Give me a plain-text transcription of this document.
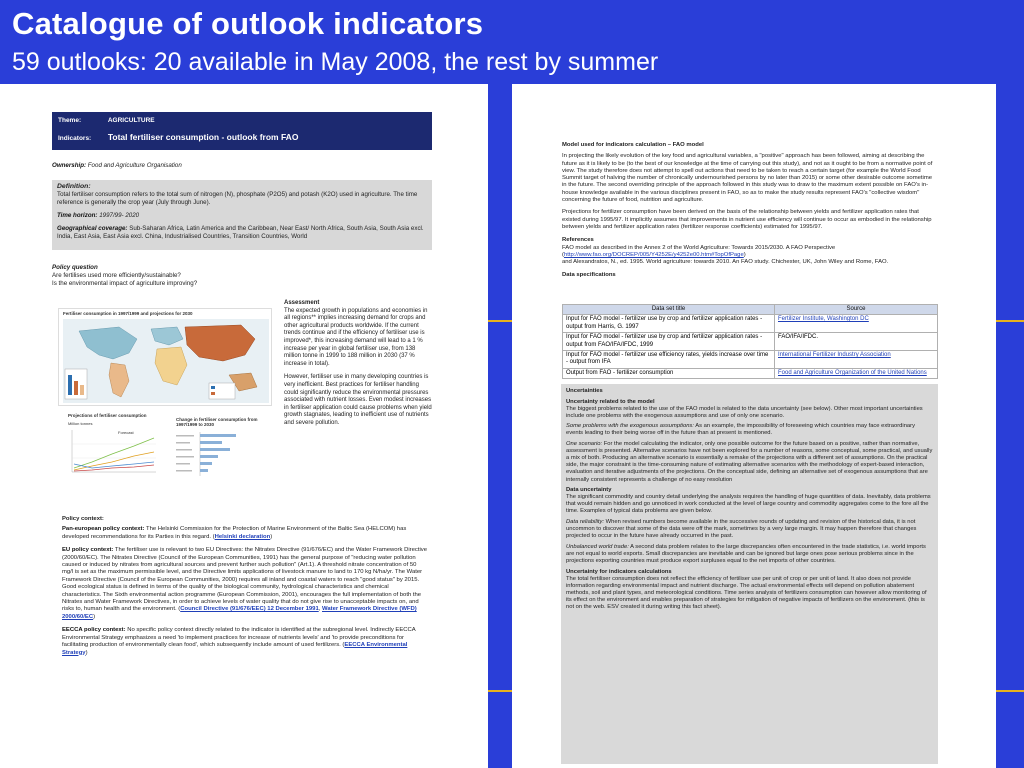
Catalogue of outlook indicators
59 outlooks: 20 available in May 2008, the rest by summer
Theme:	AGRICULTURE
Indicators: Total fertiliser consumption - outlook from FAO
Ownership: Food and Agriculture Organisation
Definition:
Total fertiliser consumption refers to the total sum of nitrogen (N), phosphate (P2O5) and potash (K2O) used in agriculture. The time reference is generally the crop year (July through June).
Time horizon: 1997/99- 2020
Geographical coverage: Sub-Saharan Africa, Latin America and the Caribbean, Near East/ North Africa, South Asia, South Asia excl. India, East Asia, East Asia excl. China, Industrialised Countries, Transition Countries, World
Policy question
Are fertilises used more efficiently/sustainable?
Is the environmental impact of agriculture improving?
Fertiliser consumption in 1997/1999 and projections for 2030
Projections of fertiliser consumption
Million tonnes
Forecast
Change in fertiliser consumption from 1997/1999 to 2030
Assessment
The expected growth in populations and economies in all regions** implies increasing demand for crops and other agricultural products worldwide. If the current trends continue and if the efficiency of fertiliser use is improved*, this increasing demand will lead to a 1 % increase per year in global fertiliser use, from 138 million tonne in 1999 to 188 million in 2030 (37 % increase in total).
However, fertiliser use in many developing countries is very inefficient. Best practices for fertiliser handling could significantly reduce the environmental pressures associated with nutrient losses. Even modest increases in fertiliser application could cause problems when yield growth stagnates, leading to inefficient use of nutrients and severe pollution.
Policy context:
Pan-european policy context: The Helsinki Commission for the Protection of Marine Environment of the Baltic Sea (HELCOM) has developed recommendations for its Parties in this regard. (Helsinki declaration)
EU policy context: The fertiliser use is relevant to two EU Directives: the Nitrates Directive (91/676/EC) and the Water Framework Directive (2000/60/EC). The Nitrates Directive (Council of the European Communities, 1991) has the general purpose of "reducing water pollution caused or induced by nitrates from agricultural sources and prevent further such pollution" (Art.1). A threshold nitrate concentration of 50 mg/l is set as the maximum permissible level, and the Directive limits applications of livestock manure to land to 170 kg N/ha/yr. The Water Framework Directive (Council of the European Communities, 2000) requires all inland and coastal waters to reach "good status" by 2015. Good ecological status is defined in terms of the quality of the biological community, hydrological characteristics and chemical characteristics. The Sixth environmental action programme (European Commission, 2001), encourages the full implementation of both the Nitrates and Water Framework Directives, in order to achieve levels of water quality that do not give rise to unacceptable impacts on, and risks to, human health and the environment. (Council Directive (91/676/EEC) 12 December 1991, Water Framework Directive (WFD) 2000/60/EC)
EECCA policy context: No specific policy context directly related to the indicator is identified at the subregional level. Indirectly EECCA Environmental Strategy emphasizes a need 'to implement practices for increase of nutrients levels' and 'to provide preconditions for facilitating production of environmentally clean food', which subsequently include amount of used fertilizers. (EECCA Environmental Strategy)
Model used for indicators calculation – FAO model
In projecting the likely evolution of the key food and agricultural variables, a "positive" approach has been followed, aiming at describing the future as it is likely to be (to the best of our knowledge at the time of carrying out this study), and not as it ought to be from a normative point of view. The study therefore does not attempt to spell out actions that need to be taken to reach a certain target (for example the World Food Summit target of halving the number of chronically undernourished persons by no later than 2015) or some other desirable outcome sometime in the future. The second overriding principle of the approach followed in this study was to draw to the maximum extent possible on FAO's in-house knowledge available in the various disciplines present in FAO, so as to make the study results represent FAO's "collective wisdom" concerning the future of food, nutrition and agriculture.
Projections for fertilizer consumption have been derived on the basis of the relationship between yields and fertilizer application rates that existed during 1995/97. It implicitly assumes that improvements in nutrient use efficiency will continue to occur as embodied in the relationship between yields and fertilizer application rates (fertilizer response coefficients) estimated for 1995/97.
References
FAO model as described in the Annex 2 of the World Agriculture: Towards 2015/2030. A FAO Perspective
(http://www.fao.org/DOCREP/005/Y4252E/y4252e00.htm#TopOfPage)
and Alexandratos, N., ed. 1995. World agriculture: towards 2010. An FAO study. Chichester, UK, John Wiley and Rome, FAO.
Data specifications
Data set title	Source
Input for FAO model - fertilizer use by crop and fertilizer application rates - output from Harris, G. 1997	Fertilizer Institute, Washington DC
Input for FAO model - fertilizer use by crop and fertilizer application rates - output from FAO/IFA/IFDC, 1999	FAO/IFA/IFDC.
Input for FAO model - fertilizer use efficiency rates, yields increase over time - output from IFA	International Fertilizer Industry Association
Output from FAO - fertilizer consumption	Food and Agriculture Organization of the United Nations

Uncertainties

Uncertainty related to the model

The biggest problems related to the use of the FAO model is related to the data uncertainty (see below). Other most important uncertainties include one problems with the exogenous assumptions and use of only one scenario.

Some problems with the exogenous assumptions: As an example, the impossibility of foreseeing which countries may face extraordinary events leading to their being worse off in the future than at present is mentioned.

One scenario: For the model calculating the indicator, only one possible outcome for the future based on a positive, rather than normative, assessment is presented. Alternative scenarios have not been explored for a number of reasons, some conceptual, some practical, and usually a mix of both. Producing an alternative scenario is essentially a remake of the projections with a different set of assumptions. On the practical side, the major constraint is the time-consuming nature of estimating alternative scenarios with the methodology of expert-based interaction, evaluation and iterative adjustments of the projections. On the conceptual side, defining an alternative set of exogenous assumptions that are internally consistent represents a challenge of no easy resolution

Data uncertainty

The significant commodity and country detail underlying the analysis requires the handling of huge quantities of data. Inevitably, data problems that would remain hidden and go unnoticed in work conducted at the level of large country and commodity aggregates come to the fore all the time. Examples of typical data problems are given below.

Data reliability: When revised numbers become available in the successive rounds of updating and revision of the historical data, it is not uncommon to discover that some of the data were off the mark, sometimes by a very large margin. It may happen therefore that changes projected to occur in the future have already occurred in the past.

Unbalanced world trade: A second data problem relates to the large discrepancies often encountered in the trade statistics, i.e. world imports are not equal to world exports. Small discrepancies are inevitable and can be ignored but large ones pose serious problems since in the projections exporting countries must produce export surpluses equal to the net imports of other countries.

Uncertainty for indicators calculations

The total fertiliser consumption does not reflect the efficiency of fertiliser use per unit of crop or per unit of land. It also does not provide information regarding environmental impact and nutrient discharge. The actual environmental effects will depend on pollution abatement methods, soil and plant types, and meteorological conditions. Time series analysis of fertilizers consumption can however allow monitoring of its effect on the environment and enables preparation of strategies for mitigation of negative impacts of fertilizers on the environment. (this is not on the web. ESV created it during writing this fact sheet).
